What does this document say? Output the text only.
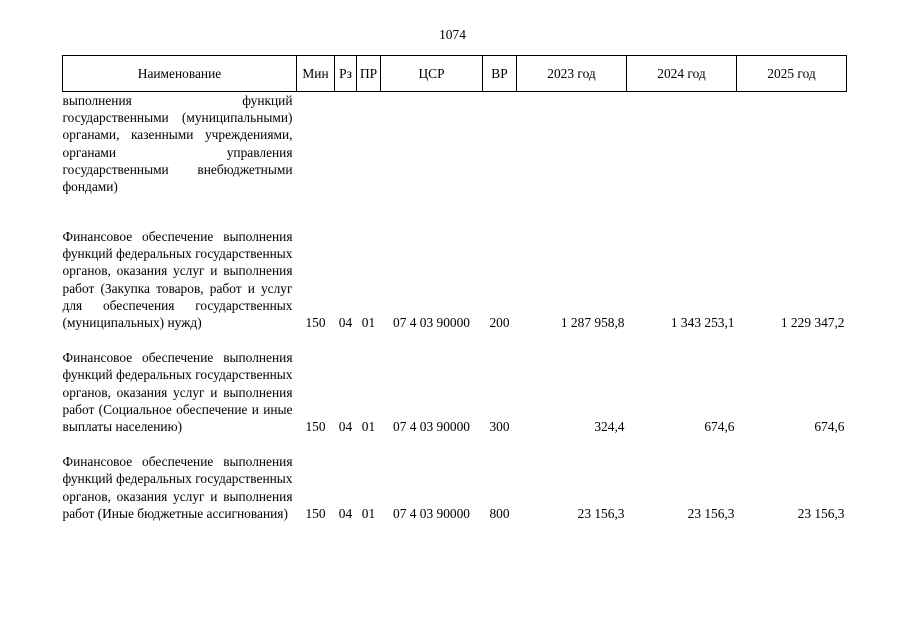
1074
Наименование	Мин	Рз	ПР	ЦСР	ВР	2023 год	2024 год	2025 год

выполнения функций государственными (муниципальными) органами, казенными учреждениями, органами управления государственными внебюджетными фондами)								

Финансовое обеспечение выполнения функций федеральных государственных органов, оказания услуг и выполнения работ (Закупка товаров, работ и услуг для обеспечения государственных (муниципальных) нужд)	150	04	01	07 4 03 90000	200	1 287 958,8	1 343 253,1	1 229 347,2

Финансовое обеспечение выполнения функций федеральных государственных органов, оказания услуг и выполнения работ (Социальное обеспечение и иные выплаты населению)	150	04	01	07 4 03 90000	300	324,4	674,6	674,6

Финансовое обеспечение выполнения функций федеральных государственных органов, оказания услуг и выполнения работ (Иные бюджетные ассигнования)	150	04	01	07 4 03 90000	800	23 156,3	23 156,3	23 156,3
